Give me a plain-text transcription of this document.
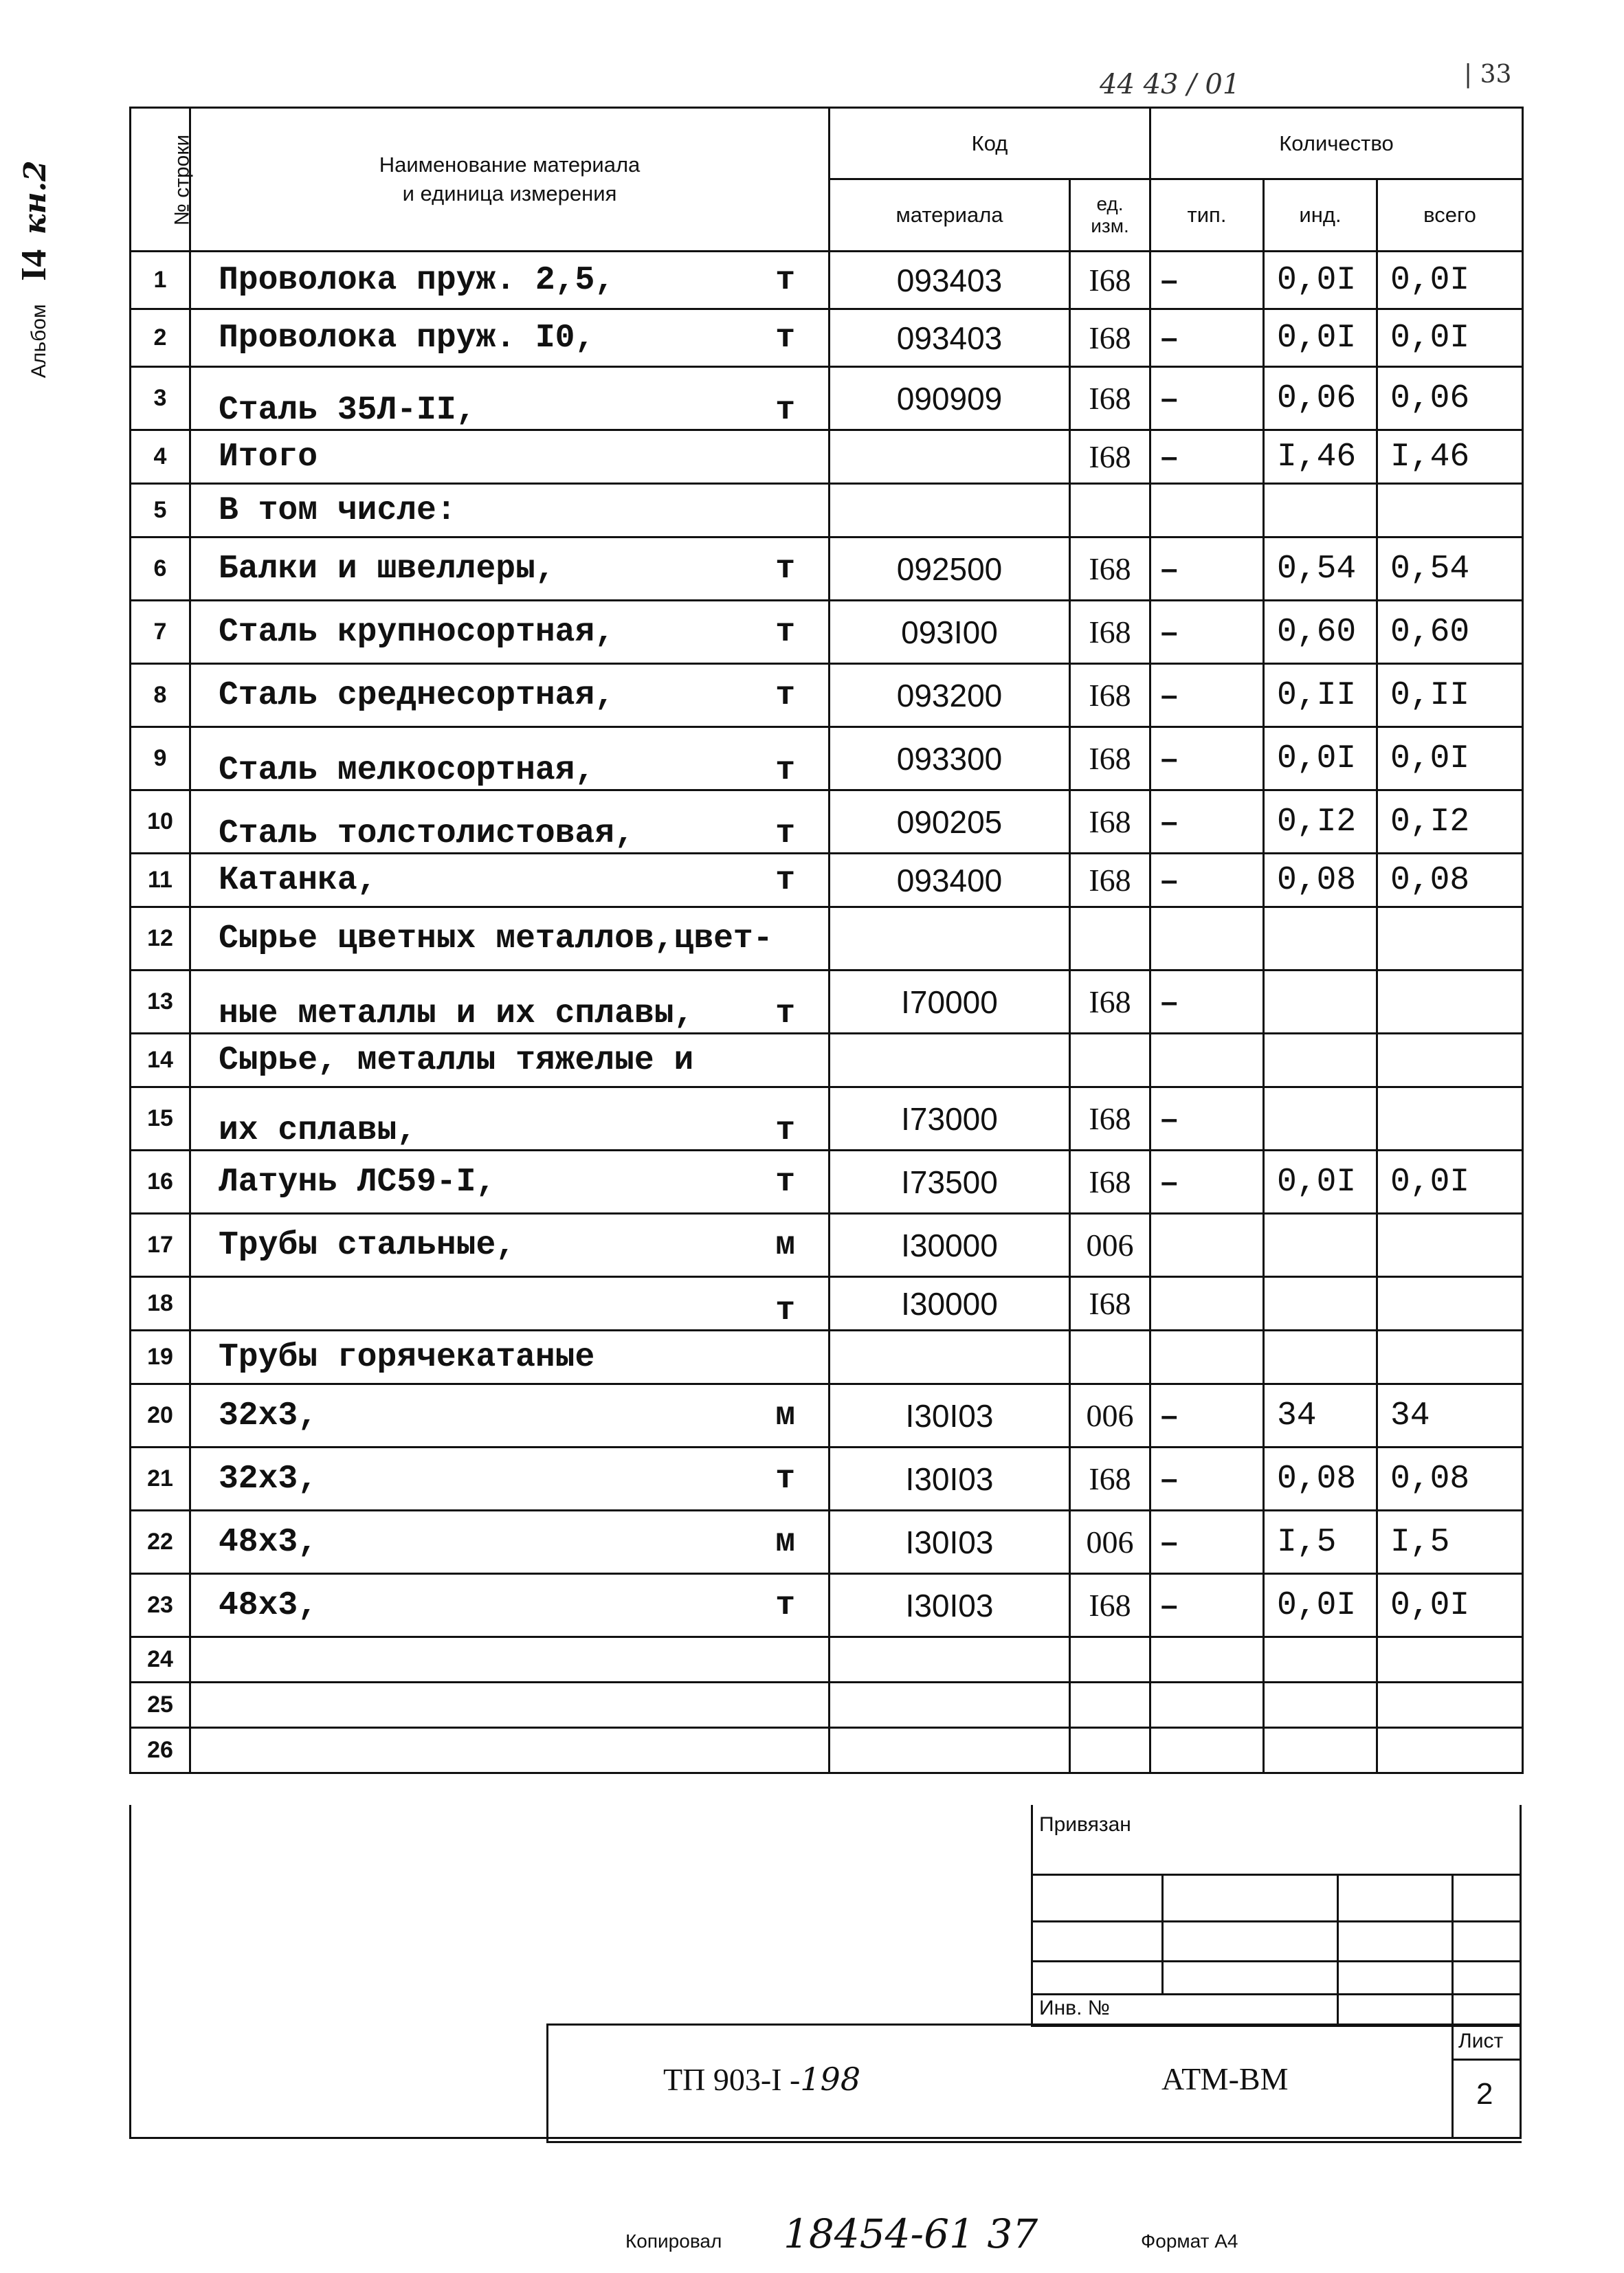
Альбом I4 кн.2
44 43 / 01	| 33
№ строки	Наименование материала
и единица измерения	Код		Количество		
		материала	ед. изм.	тип.	инд.	всего
1	Проволока пруж. 2,5, т	093403	I68	–	0,0I	0,0I
2	Проволока пруж. I0, т	093403	I68	–	0,0I	0,0I
3	Сталь 35Л-II, т	090909	I68	–	0,06	0,06
4	Итого		I68	–	I,46	I,46
5	В том числе:					

6	Балки и швеллеры, т	092500	I68	–	0,54	0,54
7	Сталь крупносортная, т	093I00	I68	–	0,60	0,60
8	Сталь среднесортная, т	093200	I68	–	0,II	0,II
9	Сталь мелкосортная, т	093300	I68	–	0,0I	0,0I
10	Сталь толстолистовая, т	090205	I68	–	0,I2	0,I2
11	Катанка, т	093400	I68	–	0,08	0,08
12	Сырье цветных металлов,цвет-					

13	ные металлы и их сплавы, т	I70000	I68	–		
14	Сырье, металлы тяжелые и					

15	их сплавы, т	I73000	I68	–		
16	Латунь ЛС59-I, т	I73500	I68	–	0,0I	0,0I
17	Трубы стальные, м	I30000	006			
18	т	I30000	I68			
19	Трубы горячекатаные					

20	32х3, м	I30I03	006	–	34	34
21	32х3, т	I30I03	I68	–	0,08	0,08
22	48х3, м	I30I03	006	–	I,5	I,5
23	48х3, т	I30I03	I68	–	0,0I	0,0I
24	

25	

26	

Привязан
Инв. №
Лист
2
ТП 903-I -198	АТМ-ВМ
Копировал 18454-61 37	Формат А4
